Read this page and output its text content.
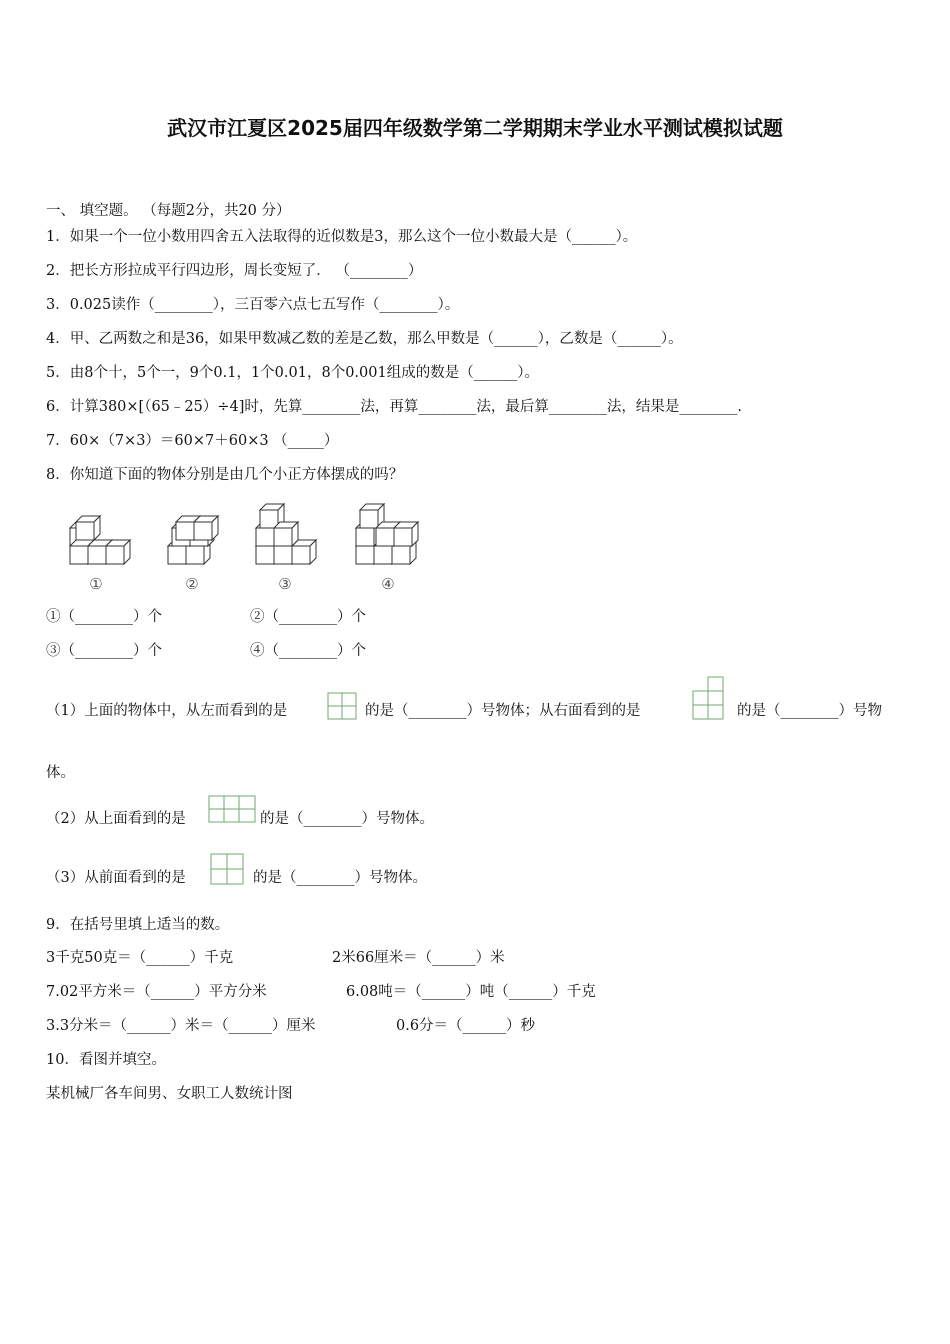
武汉市江夏区2025届四年级数学第二学期期末学业水平测试模拟试题
一、 填空题。 （每题2分，共20 分）
1．如果一个一位小数用四舍五入法取得的近似数是3，那么这个一位小数最大是（______）。
2．把长方形拉成平行四边形，周长变短了． （________）
3．0.025读作（________），三百零六点七五写作（________）。
4．甲、乙两数之和是36，如果甲数减乙数的差是乙数，那么甲数是（______），乙数是（______）。
5．由8个十，5个一，9个0.1，1个0.01，8个0.001组成的数是（______）。
6．计算380×[（65﹣25）÷4]时，先算________法，再算________法，最后算________法，结果是________.
7．60×（7×3）＝60×7＋60×3 （_____）
8．你知道下面的物体分别是由几个小正方体摆成的吗？
①	②	③	④
①（________）个	②（________）个
③（________）个	④（________）个
（1）上面的物体中，从左而看到的是	的是（________）号物体；从右面看到的是	的是（________）号物
体。
（2）从上面看到的是	的是（________）号物体。
（3）从前面看到的是	的是（________）号物体。
9．在括号里填上适当的数。
3千克50克＝（______）千克	2米66厘米＝（______）米
7.02平方米＝（______）平方分米	6.08吨＝（______）吨（______）千克
3.3分米＝（______）米＝（______）厘米	0.6分＝（______）秒
10．看图并填空。
某机械厂各车间男、女职工人数统计图
